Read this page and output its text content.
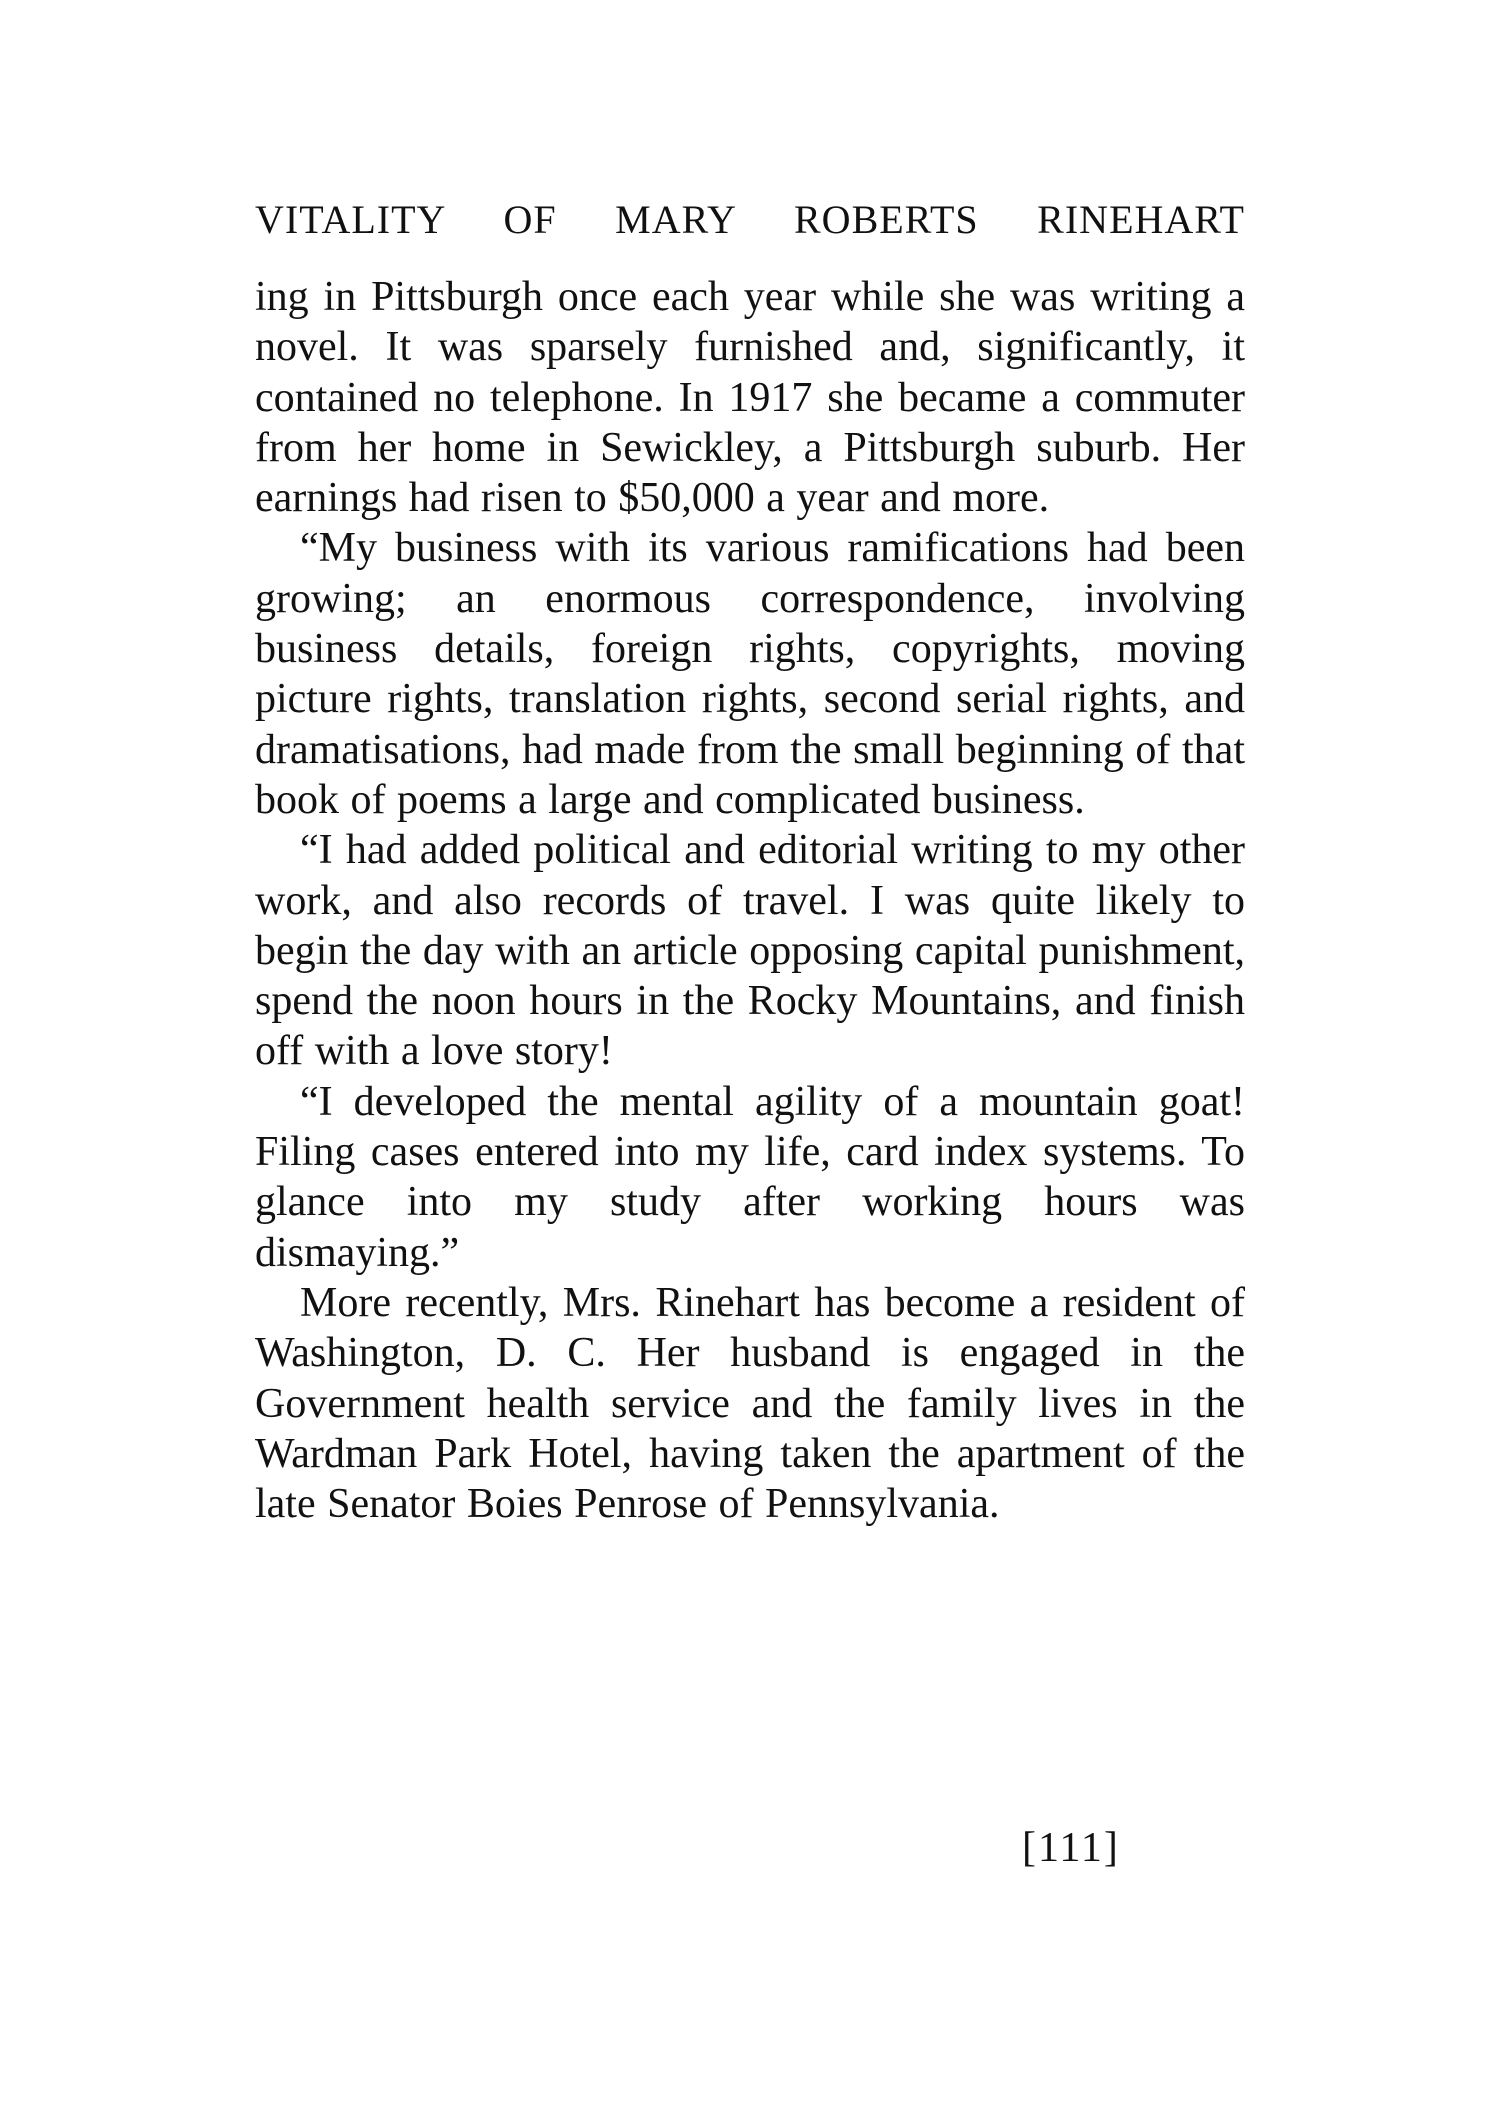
VITALITY OF MARY ROBERTS RINEHART

ing in Pittsburgh once each year while she was writing a novel. It was sparsely furnished and, significantly, it contained no telephone. In 1917 she became a commuter from her home in Sewickley, a Pittsburgh suburb. Her earnings had risen to $50,000 a year and more.

“My business with its various ramifications had been growing; an enormous correspondence, involving business details, foreign rights, copyrights, moving picture rights, translation rights, second serial rights, and dramatisations, had made from the small beginning of that book of poems a large and complicated business.

“I had added political and editorial writing to my other work, and also records of travel. I was quite likely to begin the day with an article opposing capital punishment, spend the noon hours in the Rocky Mountains, and finish off with a love story!

“I developed the mental agility of a mountain goat! Filing cases entered into my life, card index systems. To glance into my study after working hours was dismaying.”

More recently, Mrs. Rinehart has become a resident of Washington, D. C. Her husband is engaged in the Government health service and the family lives in the Wardman Park Hotel, having taken the apartment of the late Senator Boies Penrose of Pennsylvania.

[111]
